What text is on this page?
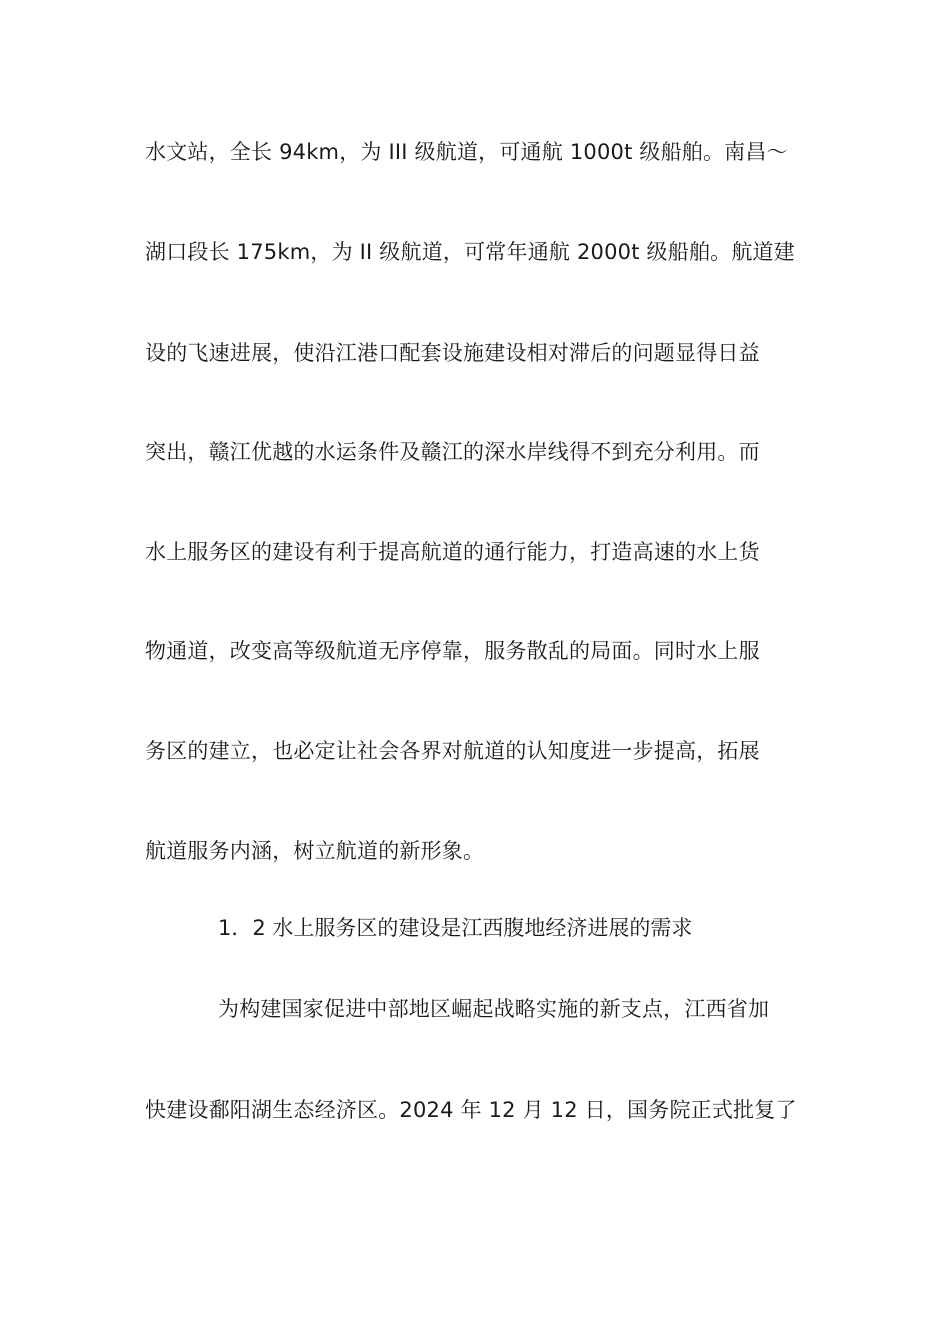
水文站，全长 94km，为 III 级航道，可通航 1000t 级船舶。南昌～
湖口段长 175km，为 II 级航道，可常年通航 2000t 级船舶。航道建
设的飞速进展，使沿江港口配套设施建设相对滞后的问题显得日益
突出，赣江优越的水运条件及赣江的深水岸线得不到充分利用。而
水上服务区的建设有利于提高航道的通行能力，打造高速的水上货
物通道，改变高等级航道无序停靠，服务散乱的局面。同时水上服
务区的建立，也必定让社会各界对航道的认知度进一步提高，拓展
航道服务内涵，树立航道的新形象。
1．2 水上服务区的建设是江西腹地经济进展的需求
为构建国家促进中部地区崛起战略实施的新支点，江西省加
快建设鄱阳湖生态经济区。2024 年 12 月 12 日，国务院正式批复了
